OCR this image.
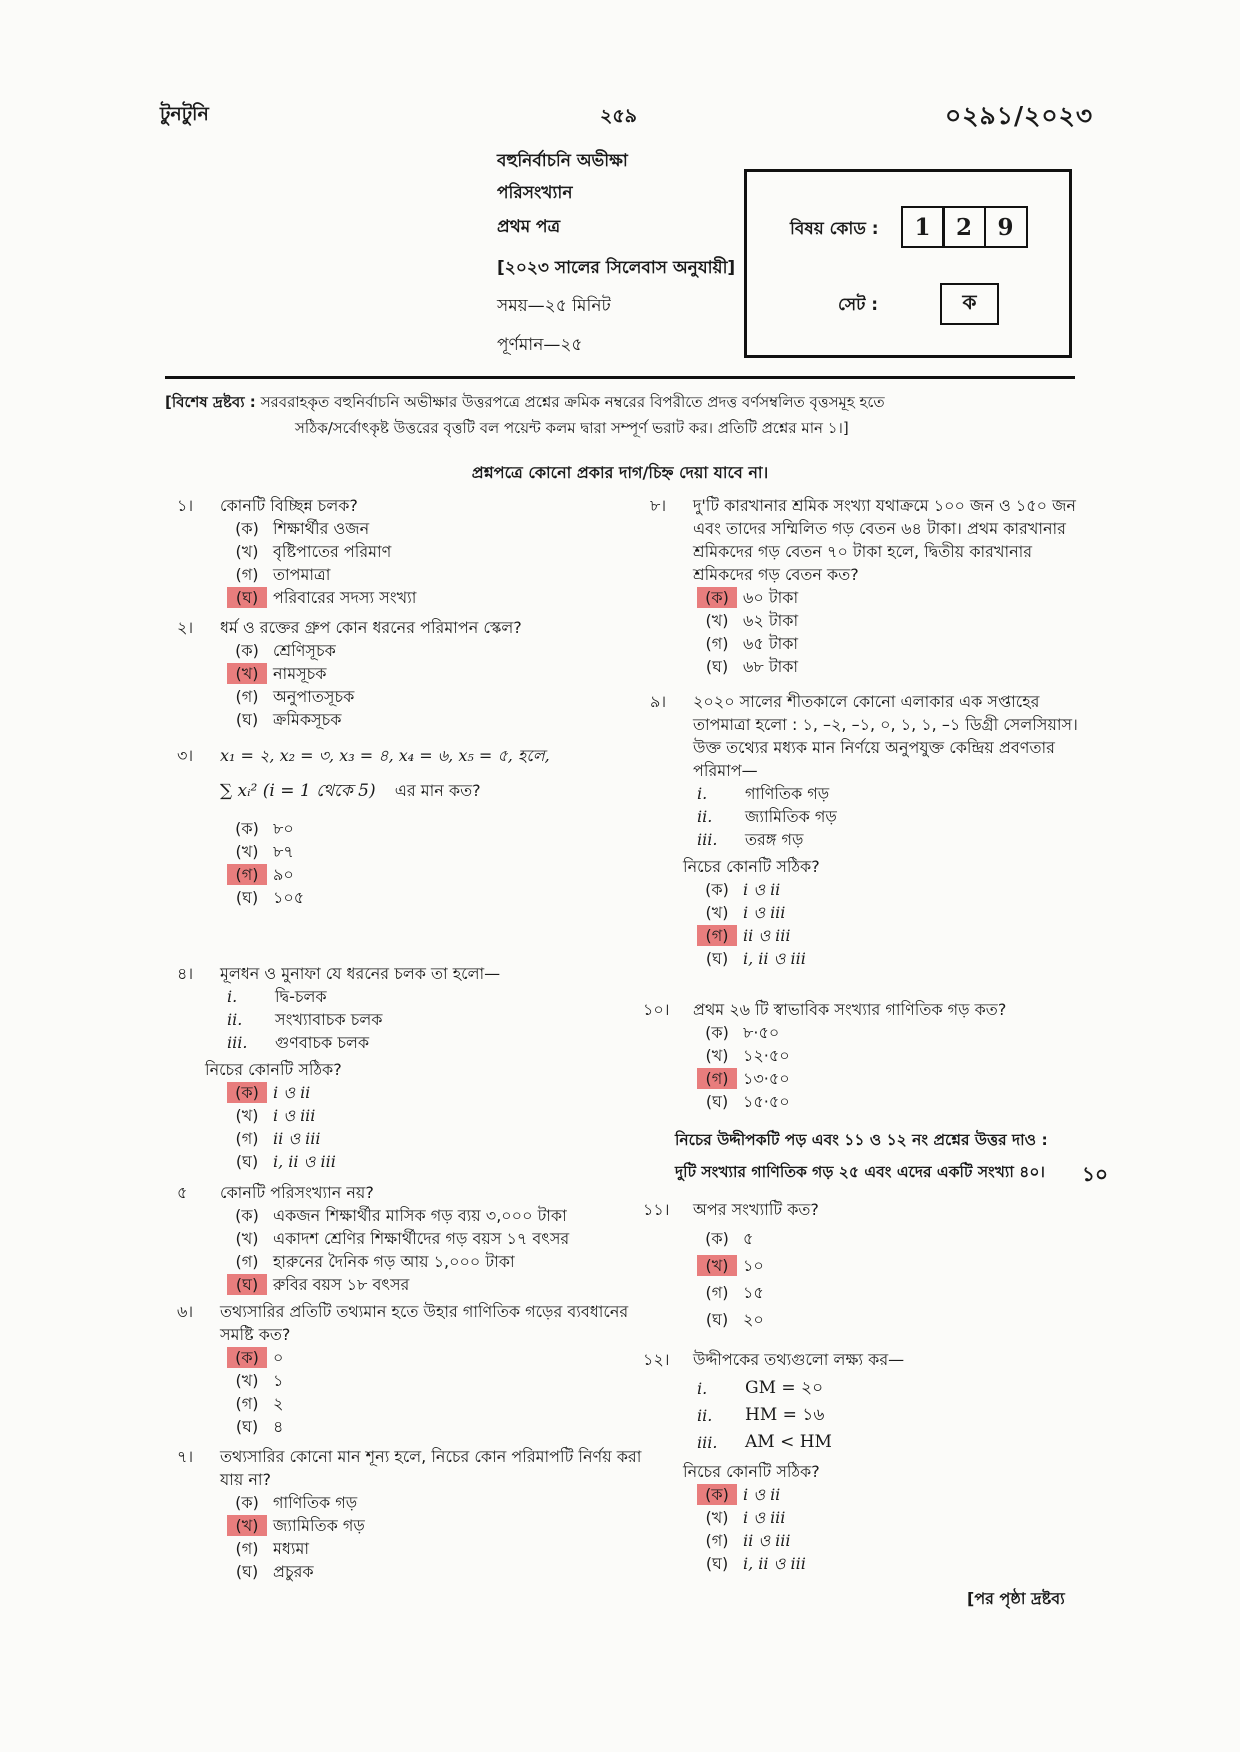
টুনটুনি	২৫৯	০২৯১/২০২৩
বহুনির্বাচনি অভীক্ষা
পরিসংখ্যান
প্রথম পত্র
[২০২৩ সালের সিলেবাস অনুযায়ী]
সময়—২৫ মিনিট
পূর্ণমান—২৫
বিষয় কোড :	1	2	9
সেট :	ক
[বিশেষ দ্রষ্টব্য : সরবরাহকৃত বহুনির্বাচনি অভীক্ষার উত্তরপত্রে প্রশ্নের ক্রমিক নম্বরের বিপরীতে প্রদত্ত বর্ণসম্বলিত বৃত্তসমূহ হতে
সঠিক/সর্বোৎকৃষ্ট উত্তরের বৃত্তটি বল পয়েন্ট কলম দ্বারা সম্পূর্ণ ভরাট কর। প্রতিটি প্রশ্নের মান ১।]
প্রশ্নপত্রে কোনো প্রকার দাগ/চিহ্ন দেয়া যাবে না।
১।	কোনটি বিচ্ছিন্ন চলক?
(ক) শিক্ষার্থীর ওজন
(খ) বৃষ্টিপাতের পরিমাণ
(গ) তাপমাত্রা
(ঘ) পরিবারের সদস্য সংখ্যা
২।	ধর্ম ও রক্তের গ্রুপ কোন ধরনের পরিমাপন স্কেল?
(ক) শ্রেণিসূচক
(খ) নামসূচক
(গ) অনুপাতসূচক
(ঘ) ক্রমিকসূচক
৩।	x₁ = ২, x₂ = ৩, x₃ = ৪, x₄ = ৬, x₅ = ৫, হলে,
∑ xᵢ² (i = 1 থেকে 5) এর মান কত?
(ক) ৮০
(খ) ৮৭
(গ) ৯০
(ঘ) ১০৫
৪।	মূলধন ও মুনাফা যে ধরনের চলক তা হলো—
i.	দ্বি-চলক
ii.	সংখ্যাবাচক চলক
iii.	গুণবাচক চলক
নিচের কোনটি সঠিক?
(ক) i ও ii
(খ) i ও iii
(গ) ii ও iii
(ঘ) i, ii ও iii
৫	কোনটি পরিসংখ্যান নয়?
(ক) একজন শিক্ষার্থীর মাসিক গড় ব্যয় ৩,০০০ টাকা
(খ) একাদশ শ্রেণির শিক্ষার্থীদের গড় বয়স ১৭ বৎসর
(গ) হারুনের দৈনিক গড় আয় ১,০০০ টাকা
(ঘ) রুবির বয়স ১৮ বৎসর
৬।	তথ্যসারির প্রতিটি তথ্যমান হতে উহার গাণিতিক গড়ের ব্যবধানের সমষ্টি কত?
(ক) ০
(খ) ১
(গ) ২
(ঘ) ৪
৭।	তথ্যসারির কোনো মান শূন্য হলে, নিচের কোন পরিমাপটি নির্ণয় করা যায় না?
(ক) গাণিতিক গড়
(খ) জ্যামিতিক গড়
(গ) মধ্যমা
(ঘ) প্রচুরক
৮।	দু'টি কারখানার শ্রমিক সংখ্যা যথাক্রমে ১০০ জন ও ১৫০ জন এবং তাদের সম্মিলিত গড় বেতন ৬৪ টাকা। প্রথম কারখানার শ্রমিকদের গড় বেতন ৭০ টাকা হলে, দ্বিতীয় কারখানার শ্রমিকদের গড় বেতন কত?
(ক) ৬০ টাকা
(খ) ৬২ টাকা
(গ) ৬৫ টাকা
(ঘ) ৬৮ টাকা
৯।	২০২০ সালের শীতকালে কোনো এলাকার এক সপ্তাহের তাপমাত্রা হলো : ১, –২, –১, ০, ১, ১, –১ ডিগ্রী সেলসিয়াস। উক্ত তথ্যের মধ্যক মান নির্ণয়ে অনুপযুক্ত কেন্দ্রিয় প্রবণতার পরিমাপ—
i.	গাণিতিক গড়
ii.	জ্যামিতিক গড়
iii.	তরঙ্গ গড়
নিচের কোনটি সঠিক?
(ক) i ও ii
(খ) i ও iii
(গ) ii ও iii
(ঘ) i, ii ও iii
১০।	প্রথম ২৬ টি স্বাভাবিক সংখ্যার গাণিতিক গড় কত?
(ক) ৮·৫০
(খ) ১২·৫০
(গ) ১৩·৫০
(ঘ) ১৫·৫০
নিচের উদ্দীপকটি পড় এবং ১১ ও ১২ নং প্রশ্নের উত্তর দাও :
দুটি সংখ্যার গাণিতিক গড় ২৫ এবং এদের একটি সংখ্যা ৪০। ১০
১১।	অপর সংখ্যাটি কত?
(ক) ৫
(খ) ১০
(গ) ১৫
(ঘ) ২০
১২।	উদ্দীপকের তথ্যগুলো লক্ষ্য কর—
i.	GM = ২০
ii.	HM = ১৬
iii.	AM < HM
নিচের কোনটি সঠিক?
(ক) i ও ii
(খ) i ও iii
(গ) ii ও iii
(ঘ) i, ii ও iii
[পর পৃষ্ঠা দ্রষ্টব্য
